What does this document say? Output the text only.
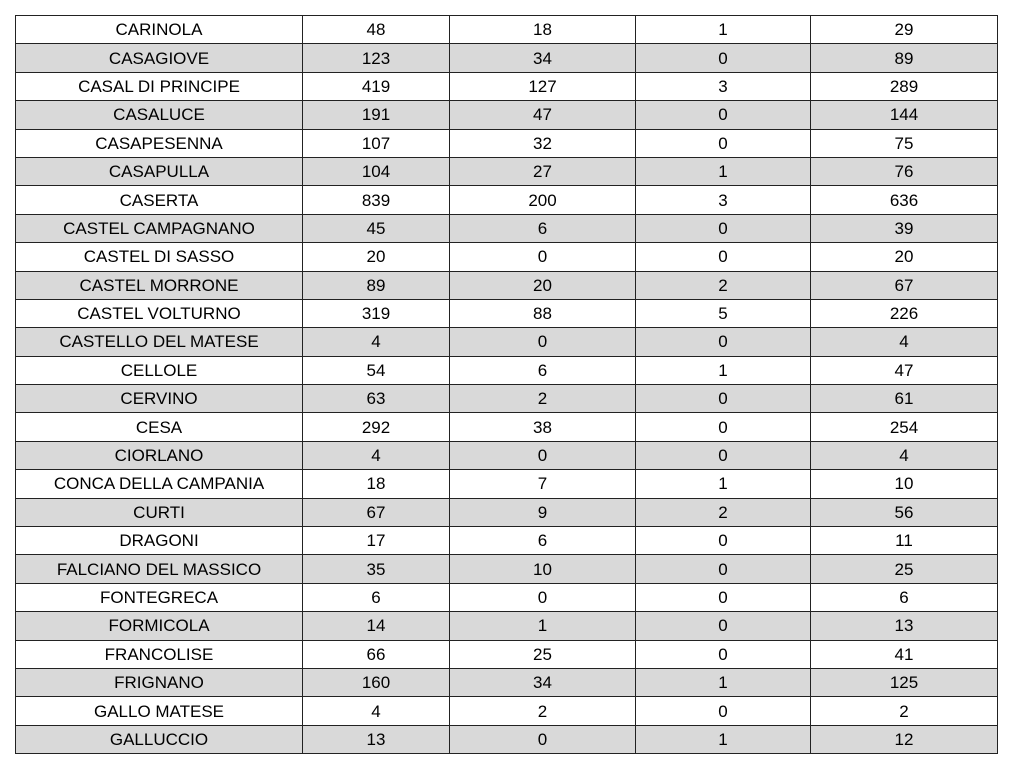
CARINOLA	48	18	1	29
CASAGIOVE	123	34	0	89
CASAL DI PRINCIPE	419	127	3	289
CASALUCE	191	47	0	144
CASAPESENNA	107	32	0	75
CASAPULLA	104	27	1	76
CASERTA	839	200	3	636
CASTEL CAMPAGNANO	45	6	0	39
CASTEL DI SASSO	20	0	0	20
CASTEL MORRONE	89	20	2	67
CASTEL VOLTURNO	319	88	5	226
CASTELLO DEL MATESE	4	0	0	4
CELLOLE	54	6	1	47
CERVINO	63	2	0	61
CESA	292	38	0	254
CIORLANO	4	0	0	4
CONCA DELLA CAMPANIA	18	7	1	10
CURTI	67	9	2	56
DRAGONI	17	6	0	11
FALCIANO DEL MASSICO	35	10	0	25
FONTEGRECA	6	0	0	6
FORMICOLA	14	1	0	13
FRANCOLISE	66	25	0	41
FRIGNANO	160	34	1	125
GALLO MATESE	4	2	0	2
GALLUCCIO	13	0	1	12
